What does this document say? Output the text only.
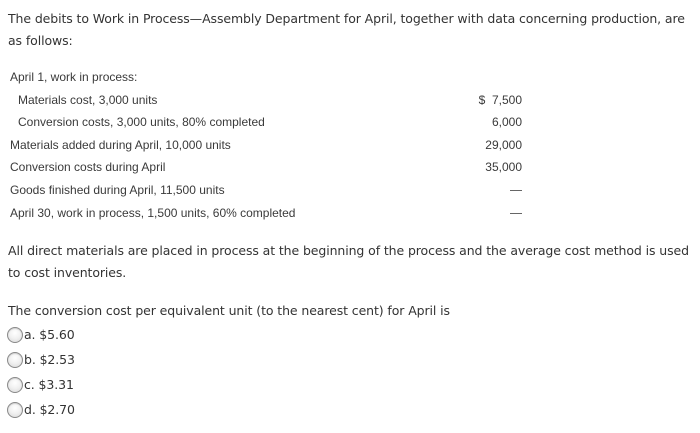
The debits to Work in Process—Assembly Department for April, together with data concerning production, are as follows:
April 1, work in process:
Materials cost, 3,000 units	$  7,500
Conversion costs, 3,000 units, 80% completed	6,000
Materials added during April, 10,000 units	29,000
Conversion costs during April	35,000
Goods finished during April, 11,500 units
April 30, work in process, 1,500 units, 60% completed
All direct materials are placed in process at the beginning of the process and the average cost method is used to cost inventories.
The conversion cost per equivalent unit (to the nearest cent) for April is
a. $5.60
b. $2.53
c. $3.31
d. $2.70
